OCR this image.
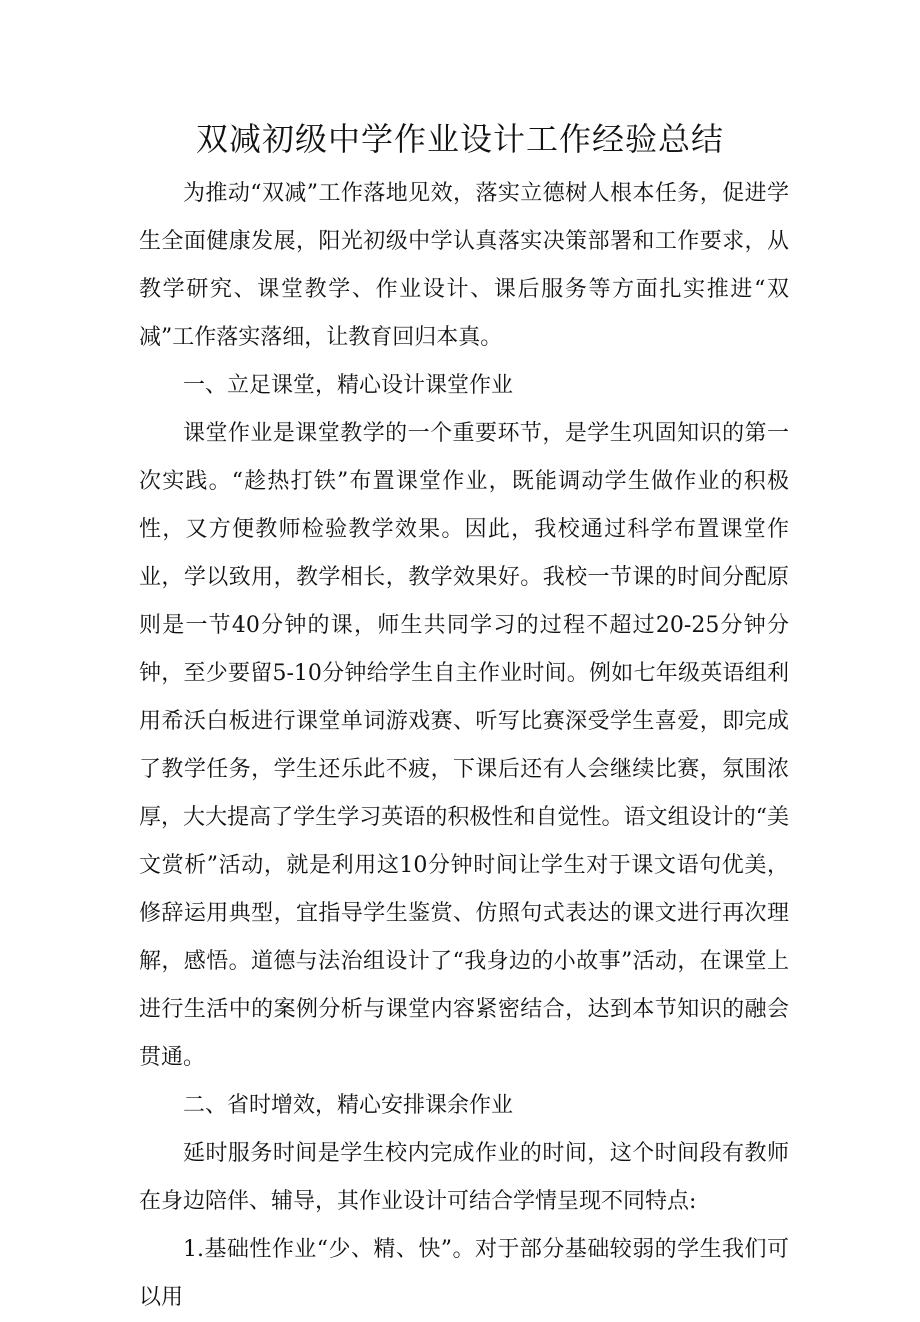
双减初级中学作业设计工作经验总结

为推动“双减”工作落地见效，落实立德树人根本任务，促进学生全面健康发展，阳光初级中学认真落实决策部署和工作要求，从教学研究、课堂教学、作业设计、课后服务等方面扎实推进“双减”工作落实落细，让教育回归本真。

一、立足课堂，精心设计课堂作业

课堂作业是课堂教学的一个重要环节，是学生巩固知识的第一次实践。“趁热打铁”布置课堂作业，既能调动学生做作业的积极性，又方便教师检验教学效果。因此，我校通过科学布置课堂作业，学以致用，教学相长，教学效果好。我校一节课的时间分配原则是一节40分钟的课，师生共同学习的过程不超过20-25分钟分钟，至少要留5-10分钟给学生自主作业时间。例如七年级英语组利用希沃白板进行课堂单词游戏赛、听写比赛深受学生喜爱，即完成了教学任务，学生还乐此不疲，下课后还有人会继续比赛，氛围浓厚，大大提高了学生学习英语的积极性和自觉性。语文组设计的“美文赏析”活动，就是利用这10分钟时间让学生对于课文语句优美，修辞运用典型，宜指导学生鉴赏、仿照句式表达的课文进行再次理解，感悟。道德与法治组设计了“我身边的小故事”活动，在课堂上进行生活中的案例分析与课堂内容紧密结合，达到本节知识的融会贯通。

二、省时增效，精心安排课余作业

延时服务时间是学生校内完成作业的时间，这个时间段有教师在身边陪伴、辅导，其作业设计可结合学情呈现不同特点:

1.基础性作业“少、精、快”。对于部分基础较弱的学生我们可以用
